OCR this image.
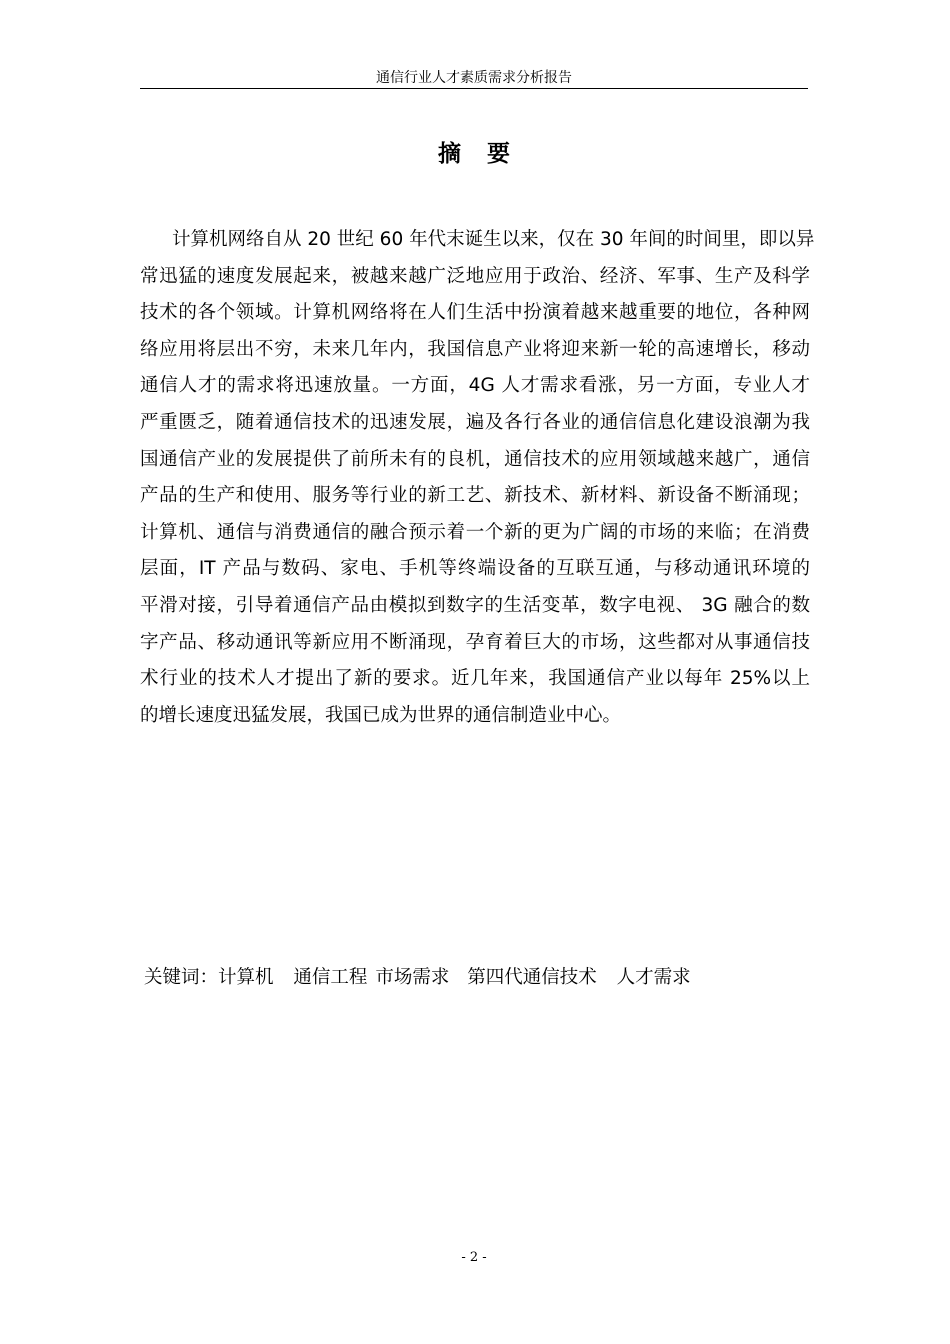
通信行业人才素质需求分析报告
摘要
计算机网络自从 20 世纪 60 年代末诞生以来，仅在 30 年间的时间里，即以异
常迅猛的速度发展起来，被越来越广泛地应用于政治、经济、军事、生产及科学
技术的各个领域。计算机网络将在人们生活中扮演着越来越重要的地位，各种网
络应用将层出不穷，未来几年内，我国信息产业将迎来新一轮的高速增长，移动
通信人才的需求将迅速放量。一方面，4G 人才需求看涨，另一方面，专业人才
严重匮乏，随着通信技术的迅速发展，遍及各行各业的通信信息化建设浪潮为我
国通信产业的发展提供了前所未有的良机，通信技术的应用领域越来越广，通信
产品的生产和使用、服务等行业的新工艺、新技术、新材料、新设备不断涌现；
计算机、通信与消费通信的融合预示着一个新的更为广阔的市场的来临；在消费
层面，IT 产品与数码、家电、手机等终端设备的互联互通，与移动通讯环境的
平滑对接，引导着通信产品由模拟到数字的生活变革，数字电视、 3G 融合的数
字产品、移动通讯等新应用不断涌现，孕育着巨大的市场，这些都对从事通信技
术行业的技术人才提出了新的要求。近几年来，我国通信产业以每年 25%以上
的增长速度迅猛发展，我国已成为世界的通信制造业中心。
关键词：计算机 通信工程 市场需求 第四代通信技术 人才需求
- 2 -
